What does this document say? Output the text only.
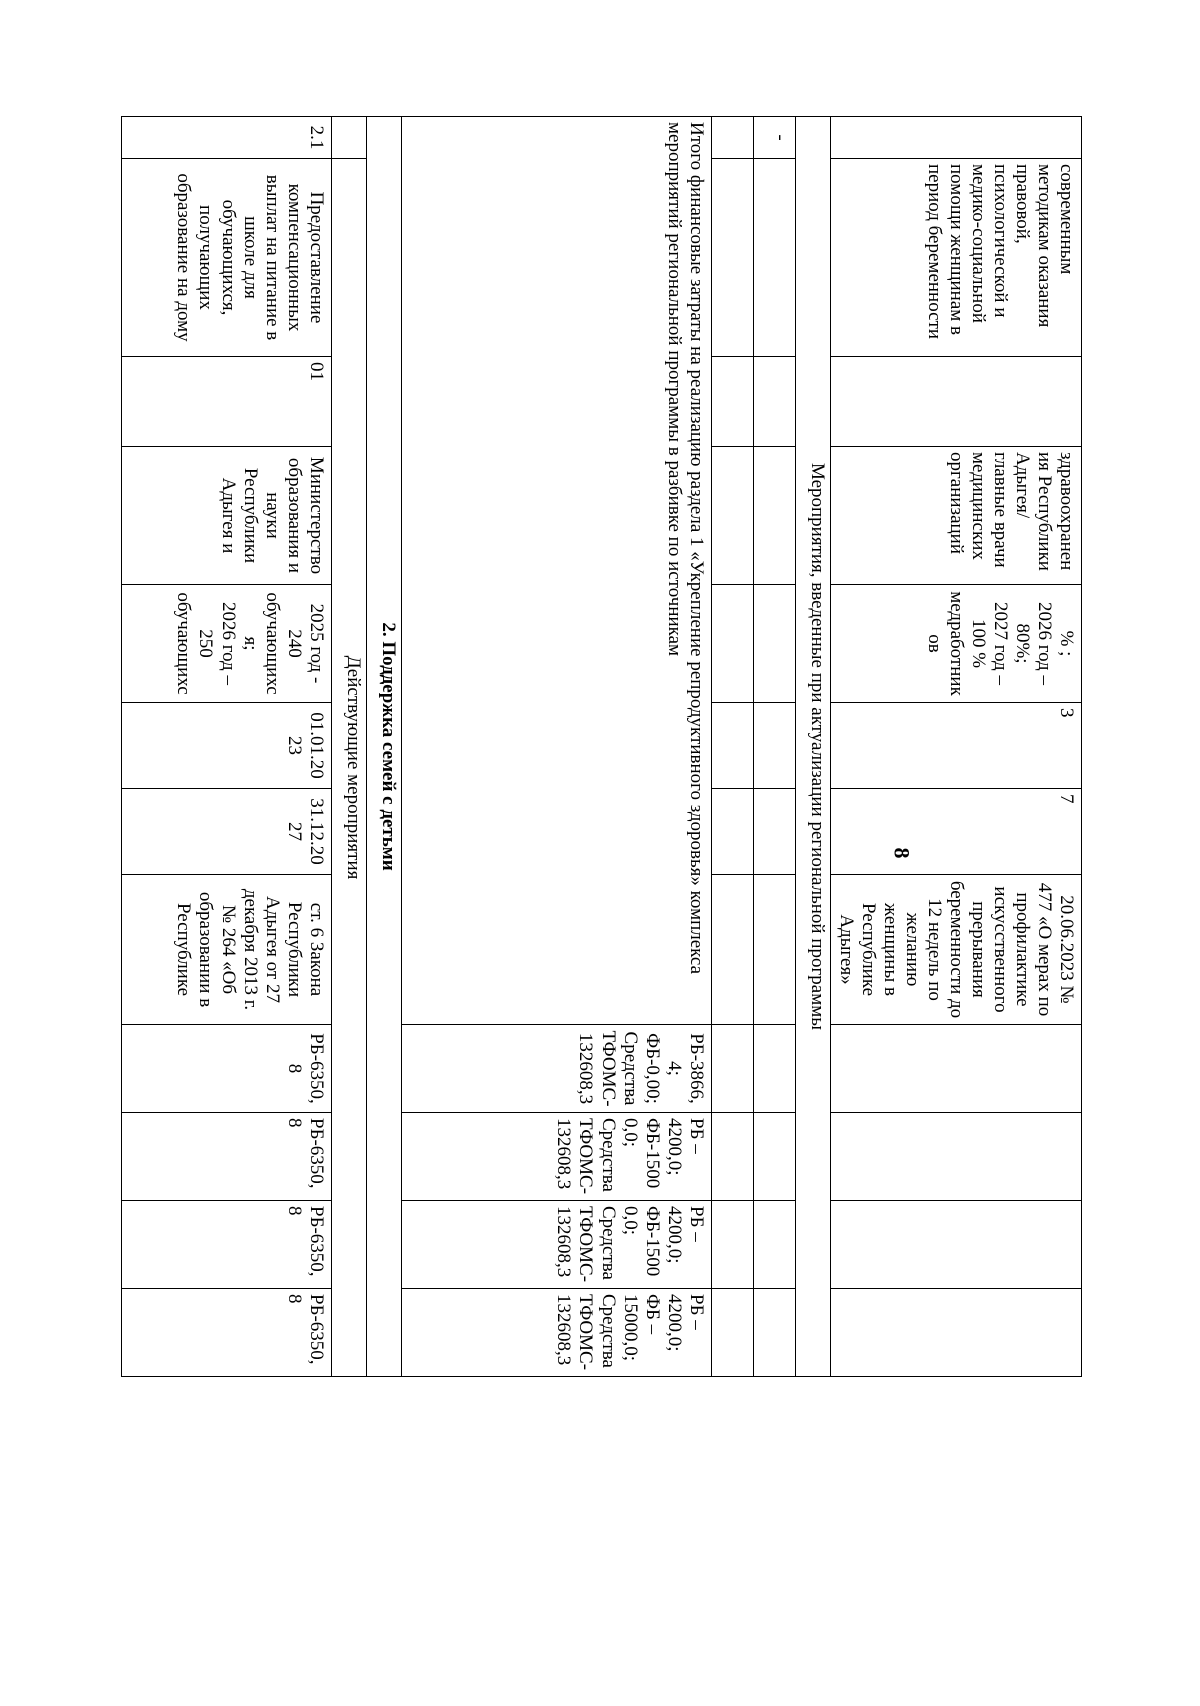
	современным методикам оказания правовой, психологической и медико-социальной помощи женщинам в период беременности		здравоохранения Республики Адыгея/ главные врачи медицинских организаций	% ;
2026 год – 80%;
2027 год – 100 %
медработник ов	3	7	20.06.2023 № 477 «О мерах по профилактике искусственного прерывания беременности до 12 недель по желанию женщины в Республике Адыгея»				
Мероприятия, введенные при актуализации региональной программы											
-											

Итого финансовые затраты на реализацию раздела 1 «Укрепление репродуктивного здоровья» комплекса мероприятий региональной программы в разбивке по источникам								РБ-3866,4; ФБ-0,00; Средства ТФОМС-132608,3	РБ – 4200,0; ФБ-15000,0; Средства ТФОМС-132608,3	РБ – 4200,0; ФБ-15000,0; Средства ТФОМС-132608,3	РБ – 4200,0; ФБ – 15000,0; Средства ТФОМС-132608,3
2. Поддержка семей с детьми											
	Действующие мероприятия										
2.1	Предоставление компенсационных выплат на питание в школе для обучающихся, получающих образование на дому	01	Министерство образования и науки Республики Адыгея и	2025 год - 240 обучающихся;
2026 год – 250 обучающихс	01.01.2023	31.12.2027	ст. 6 Закона Республики Адыгея от 27 декабря 2013 г. № 264 «Об образовании в Республике	РБ-6350,8	РБ-6350,8	РБ-6350,8	РБ-6350,8
8
